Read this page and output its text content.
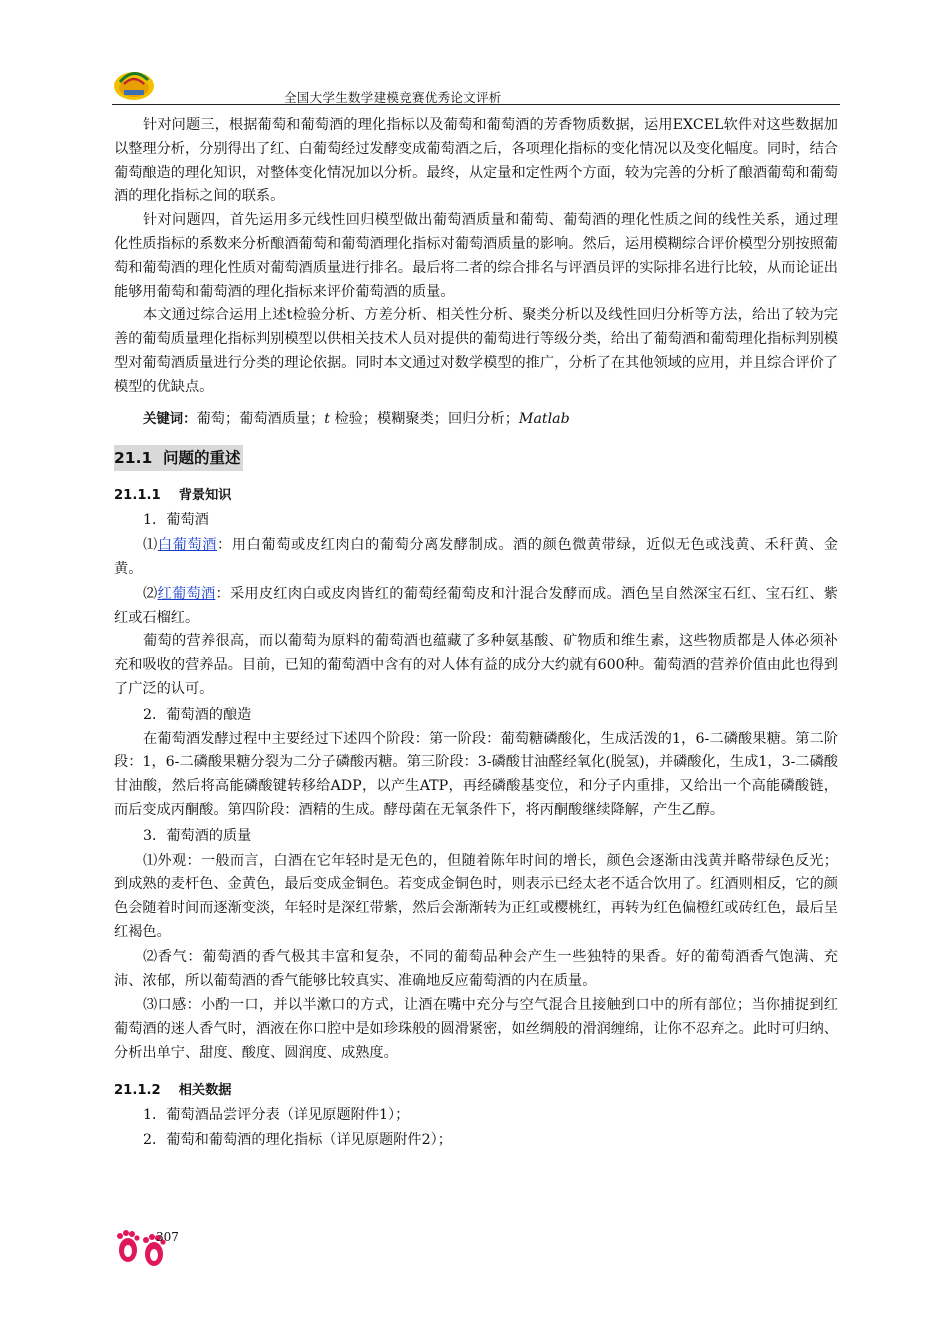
全国大学生数学建模竞赛优秀论文评析

针对问题三，根据葡萄和葡萄酒的理化指标以及葡萄和葡萄酒的芳香物质数据，运用EXCEL软件对这些数据加以整理分析，分别得出了红、白葡萄经过发酵变成葡萄酒之后，各项理化指标的变化情况以及变化幅度。同时，结合葡萄酿造的理化知识，对整体变化情况加以分析。最终，从定量和定性两个方面，较为完善的分析了酿酒葡萄和葡萄酒的理化指标之间的联系。

针对问题四，首先运用多元线性回归模型做出葡萄酒质量和葡萄、葡萄酒的理化性质之间的线性关系，通过理化性质指标的系数来分析酿酒葡萄和葡萄酒理化指标对葡萄酒质量的影响。然后，运用模糊综合评价模型分别按照葡萄和葡萄酒的理化性质对葡萄酒质量进行排名。最后将二者的综合排名与评酒员评的实际排名进行比较，从而论证出能够用葡萄和葡萄酒的理化指标来评价葡萄酒的质量。

本文通过综合运用上述t检验分析、方差分析、相关性分析、聚类分析以及线性回归分析等方法，给出了较为完善的葡萄质量理化指标判别模型以供相关技术人员对提供的葡萄进行等级分类，给出了葡萄酒和葡萄理化指标判别模型对葡萄酒质量进行分类的理论依据。同时本文通过对数学模型的推广，分析了在其他领域的应用，并且综合评价了模型的优缺点。

关键词：葡萄；葡萄酒质量；t 检验；模糊聚类；回归分析；Matlab

21.1 问题的重述
21.1.1 背景知识

1．葡萄酒

⑴白葡萄酒：用白葡萄或皮红肉白的葡萄分离发酵制成。酒的颜色微黄带绿，近似无色或浅黄、禾秆黄、金黄。

⑵红葡萄酒：采用皮红肉白或皮肉皆红的葡萄经葡萄皮和汁混合发酵而成。酒色呈自然深宝石红、宝石红、紫红或石榴红。

葡萄的营养很高，而以葡萄为原料的葡萄酒也蕴藏了多种氨基酸、矿物质和维生素，这些物质都是人体必须补充和吸收的营养品。目前，已知的葡萄酒中含有的对人体有益的成分大约就有600种。葡萄酒的营养价值由此也得到了广泛的认可。

2．葡萄酒的酿造

在葡萄酒发酵过程中主要经过下述四个阶段：第一阶段：葡萄糖磷酸化，生成活泼的1，6-二磷酸果糖。第二阶段：1，6-二磷酸果糖分裂为二分子磷酸丙糖。第三阶段：3-磷酸甘油醛经氧化(脱氢)，并磷酸化，生成1，3-二磷酸甘油酸，然后将高能磷酸键转移给ADP，以产生ATP，再经磷酸基变位，和分子内重排，又给出一个高能磷酸链，而后变成丙酮酸。第四阶段：酒精的生成。酵母菌在无氧条件下，将丙酮酸继续降解，产生乙醇。

3．葡萄酒的质量

⑴外观：一般而言，白酒在它年轻时是无色的，但随着陈年时间的增长，颜色会逐渐由浅黄并略带绿色反光；到成熟的麦杆色、金黄色，最后变成金铜色。若变成金铜色时，则表示已经太老不适合饮用了。红酒则相反，它的颜色会随着时间而逐渐变淡，年轻时是深红带紫，然后会渐渐转为正红或樱桃红，再转为红色偏橙红或砖红色，最后呈红褐色。

⑵香气：葡萄酒的香气极其丰富和复杂，不同的葡萄品种会产生一些独特的果香。好的葡萄酒香气饱满、充沛、浓郁，所以葡萄酒的香气能够比较真实、准确地反应葡萄酒的内在质量。

⑶口感：小酌一口，并以半漱口的方式，让酒在嘴中充分与空气混合且接触到口中的所有部位；当你捕捉到红葡萄酒的迷人香气时，酒液在你口腔中是如珍珠般的圆滑紧密，如丝绸般的滑润缠绵，让你不忍弃之。此时可归纳、分析出单宁、甜度、酸度、圆润度、成熟度。

21.1.2 相关数据

1．葡萄酒品尝评分表（详见原题附件1）；

2．葡萄和葡萄酒的理化指标（详见原题附件2）；

307
